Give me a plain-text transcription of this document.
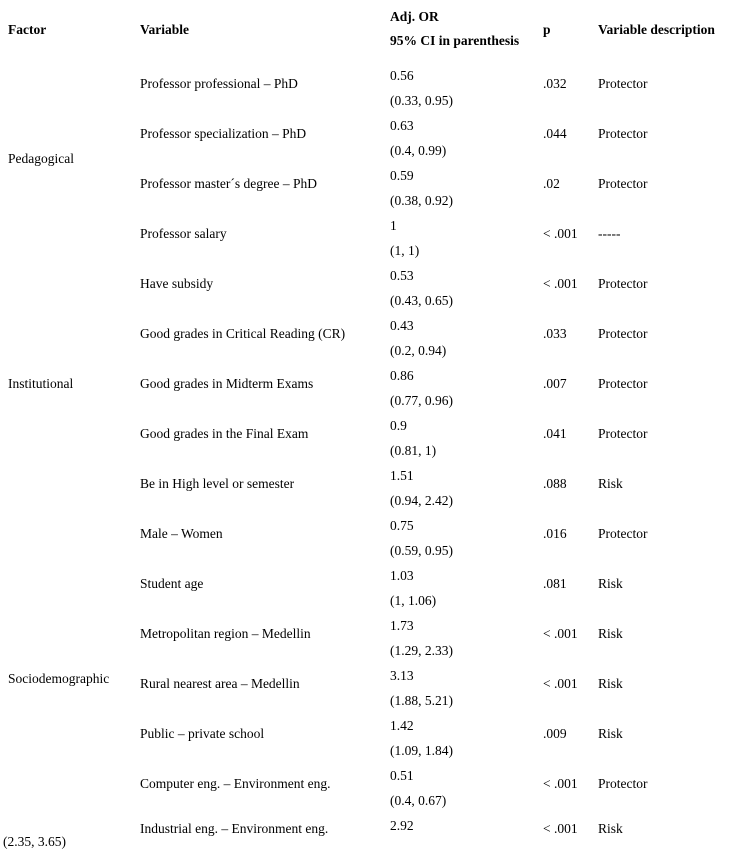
Factor	Variable
Adj. OR
95% CI in parenthesis
p	Variable description
Pedagogical
Professor professional – PhD	0.56
(0.33, 0.95)
.032	Protector
Professor specialization – PhD	0.63
(0.4, 0.99)
.044	Protector
Professor master´s degree – PhD	0.59
(0.38, 0.92)
.02	Protector
Professor salary	1
(1, 1)
< .001	-----
Institutional
Have subsidy	0.53
(0.43, 0.65)
< .001	Protector
Good grades in Critical Reading (CR)	0.43
(0.2, 0.94)
.033	Protector
Good grades in Midterm Exams	0.86
(0.77, 0.96)
.007	Protector
Good grades in the Final Exam	0.9
(0.81, 1)
.041	Protector
Be in High level or semester	1.51
(0.94, 2.42)
.088	Risk
Sociodemographic
Male – Women	0.75
(0.59, 0.95)
.016	Protector
Student age	1.03
(1, 1.06)
.081	Risk
Metropolitan region – Medellin	1.73
(1.29, 2.33)
< .001	Risk
Rural nearest area – Medellin	3.13
(1.88, 5.21)
< .001	Risk
Public – private school	1.42
(1.09, 1.84)
.009	Risk
Computer eng. – Environment eng.	0.51
(0.4, 0.67)
< .001	Protector
Industrial eng. – Environment eng.	2.92	< .001	Risk
(2.35, 3.65)
